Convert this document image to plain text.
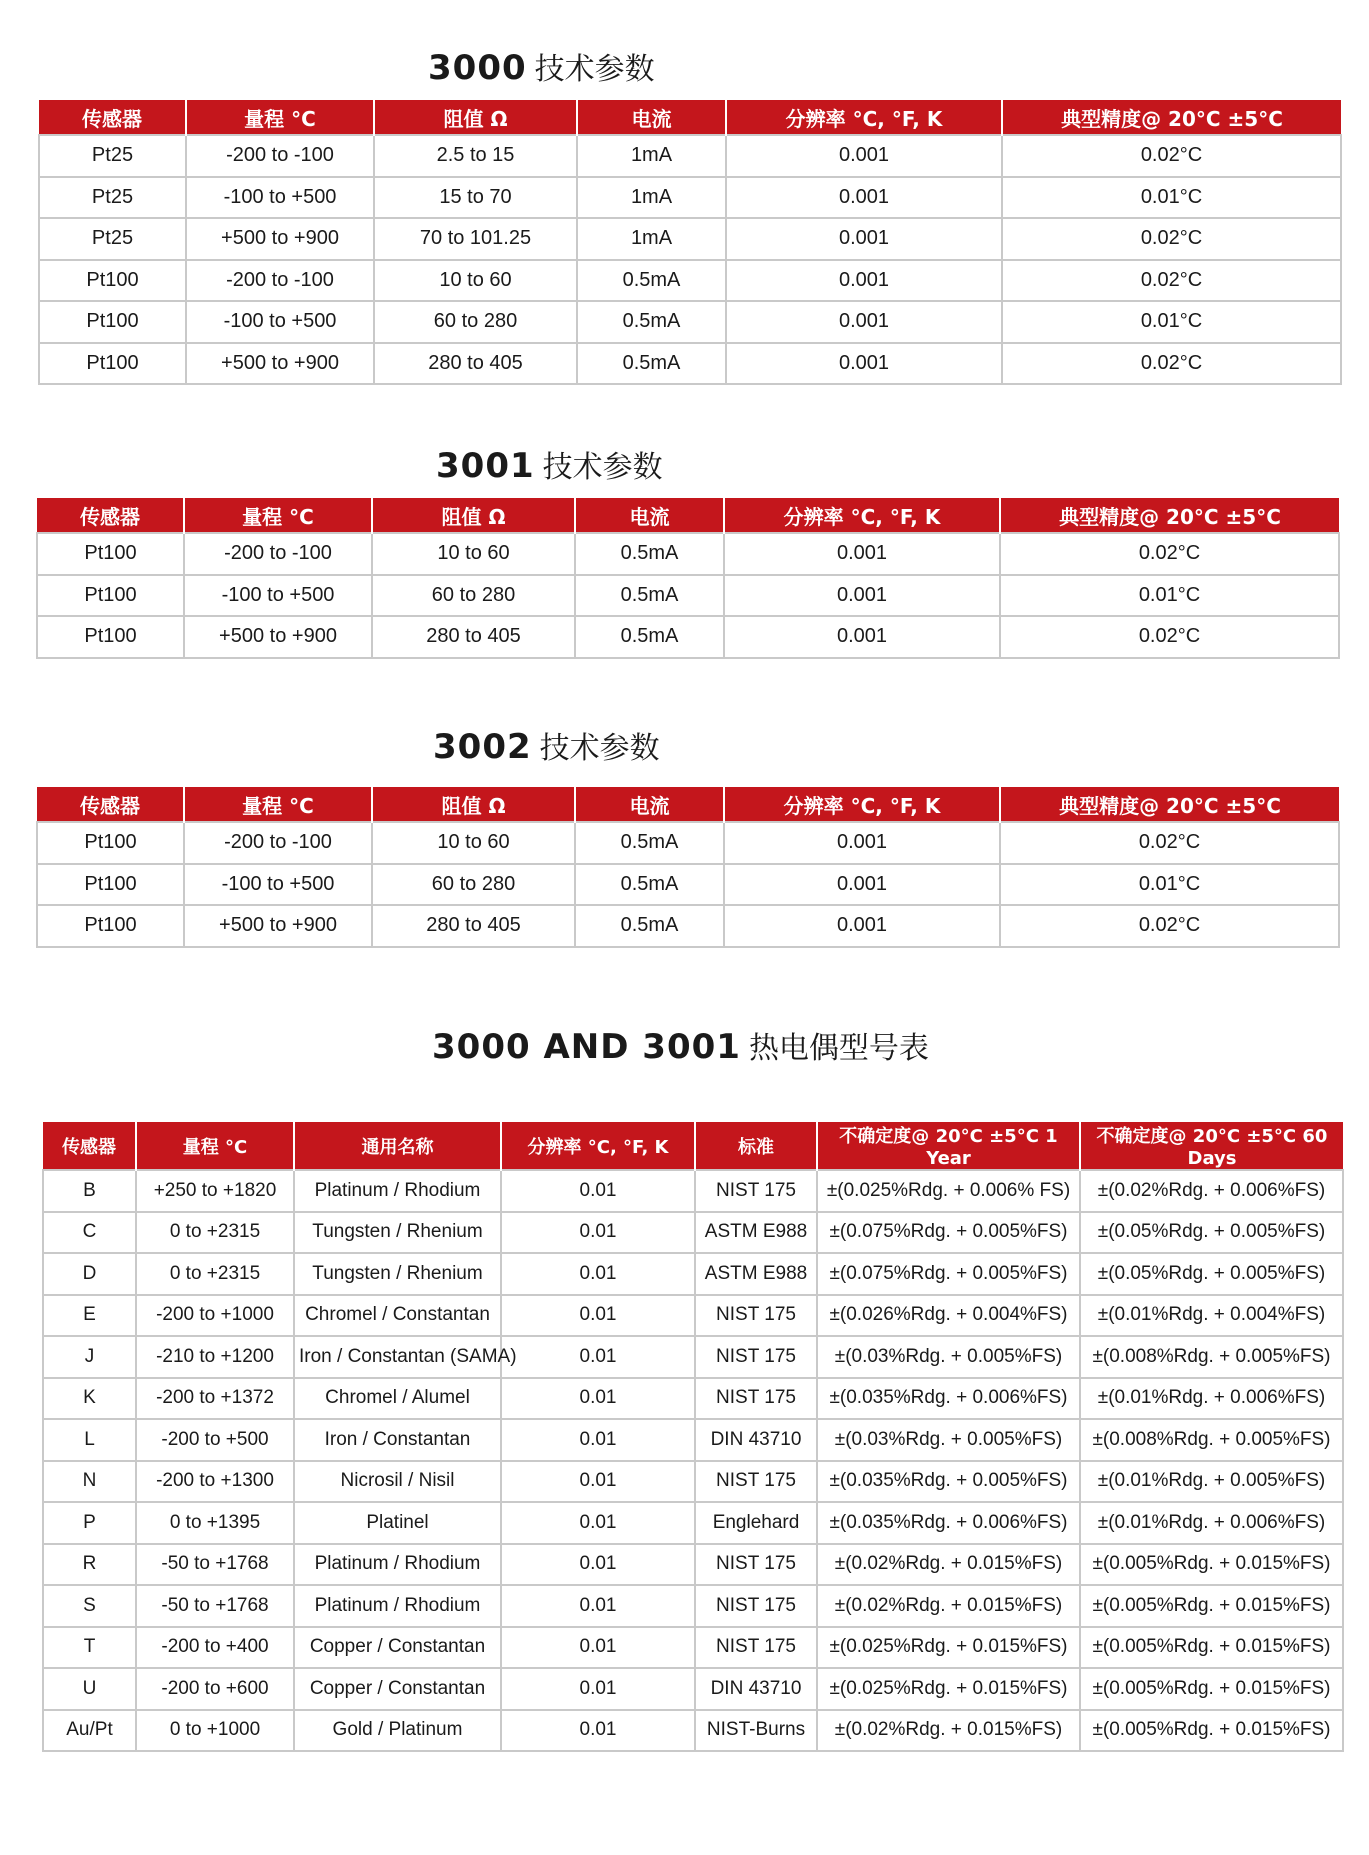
3000 技术参数
传感器	量程 °C	阻值 Ω	电流	分辨率 °C, °F, K	典型精度@ 20°C ±5°C
Pt25	-200 to -100	2.5 to 15	1mA	0.001	0.02°C
Pt25	-100 to +500	15 to 70	1mA	0.001	0.01°C
Pt25	+500 to +900	70 to 101.25	1mA	0.001	0.02°C
Pt100	-200 to -100	10 to 60	0.5mA	0.001	0.02°C
Pt100	-100 to +500	60 to 280	0.5mA	0.001	0.01°C
Pt100	+500 to +900	280 to 405	0.5mA	0.001	0.02°C
3001 技术参数
传感器	量程 °C	阻值 Ω	电流	分辨率 °C, °F, K	典型精度@ 20°C ±5°C
Pt100	-200 to -100	10 to 60	0.5mA	0.001	0.02°C
Pt100	-100 to +500	60 to 280	0.5mA	0.001	0.01°C
Pt100	+500 to +900	280 to 405	0.5mA	0.001	0.02°C
3002 技术参数
传感器	量程 °C	阻值 Ω	电流	分辨率 °C, °F, K	典型精度@ 20°C ±5°C
Pt100	-200 to -100	10 to 60	0.5mA	0.001	0.02°C
Pt100	-100 to +500	60 to 280	0.5mA	0.001	0.01°C
Pt100	+500 to +900	280 to 405	0.5mA	0.001	0.02°C
3000 AND 3001 热电偶型号表
传感器	量程 °C	通用名称	分辨率 °C, °F, K	标准	不确定度@ 20°C ±5°C 1 Year	不确定度@ 20°C ±5°C 60 Days
B	+250 to +1820	Platinum / Rhodium	0.01	NIST 175	±(0.025%Rdg. + 0.006% FS)	±(0.02%Rdg. + 0.006%FS)
C	0 to +2315	Tungsten / Rhenium	0.01	ASTM E988	±(0.075%Rdg. + 0.005%FS)	±(0.05%Rdg. + 0.005%FS)
D	0 to +2315	Tungsten / Rhenium	0.01	ASTM E988	±(0.075%Rdg. + 0.005%FS)	±(0.05%Rdg. + 0.005%FS)
E	-200 to +1000	Chromel / Constantan	0.01	NIST 175	±(0.026%Rdg. + 0.004%FS)	±(0.01%Rdg. + 0.004%FS)
J	-210 to +1200	Iron / Constantan (SAMA)	0.01	NIST 175	±(0.03%Rdg. + 0.005%FS)	±(0.008%Rdg. + 0.005%FS)
K	-200 to +1372	Chromel / Alumel	0.01	NIST 175	±(0.035%Rdg. + 0.006%FS)	±(0.01%Rdg. + 0.006%FS)
L	-200 to +500	Iron / Constantan	0.01	DIN 43710	±(0.03%Rdg. + 0.005%FS)	±(0.008%Rdg. + 0.005%FS)
N	-200 to +1300	Nicrosil / Nisil	0.01	NIST 175	±(0.035%Rdg. + 0.005%FS)	±(0.01%Rdg. + 0.005%FS)
P	0 to +1395	Platinel	0.01	Englehard	±(0.035%Rdg. + 0.006%FS)	±(0.01%Rdg. + 0.006%FS)
R	-50 to +1768	Platinum / Rhodium	0.01	NIST 175	±(0.02%Rdg. + 0.015%FS)	±(0.005%Rdg. + 0.015%FS)
S	-50 to +1768	Platinum / Rhodium	0.01	NIST 175	±(0.02%Rdg. + 0.015%FS)	±(0.005%Rdg. + 0.015%FS)
T	-200 to +400	Copper / Constantan	0.01	NIST 175	±(0.025%Rdg. + 0.015%FS)	±(0.005%Rdg. + 0.015%FS)
U	-200 to +600	Copper / Constantan	0.01	DIN 43710	±(0.025%Rdg. + 0.015%FS)	±(0.005%Rdg. + 0.015%FS)
Au/Pt	0 to +1000	Gold / Platinum	0.01	NIST-Burns	±(0.02%Rdg. + 0.015%FS)	±(0.005%Rdg. + 0.015%FS)
